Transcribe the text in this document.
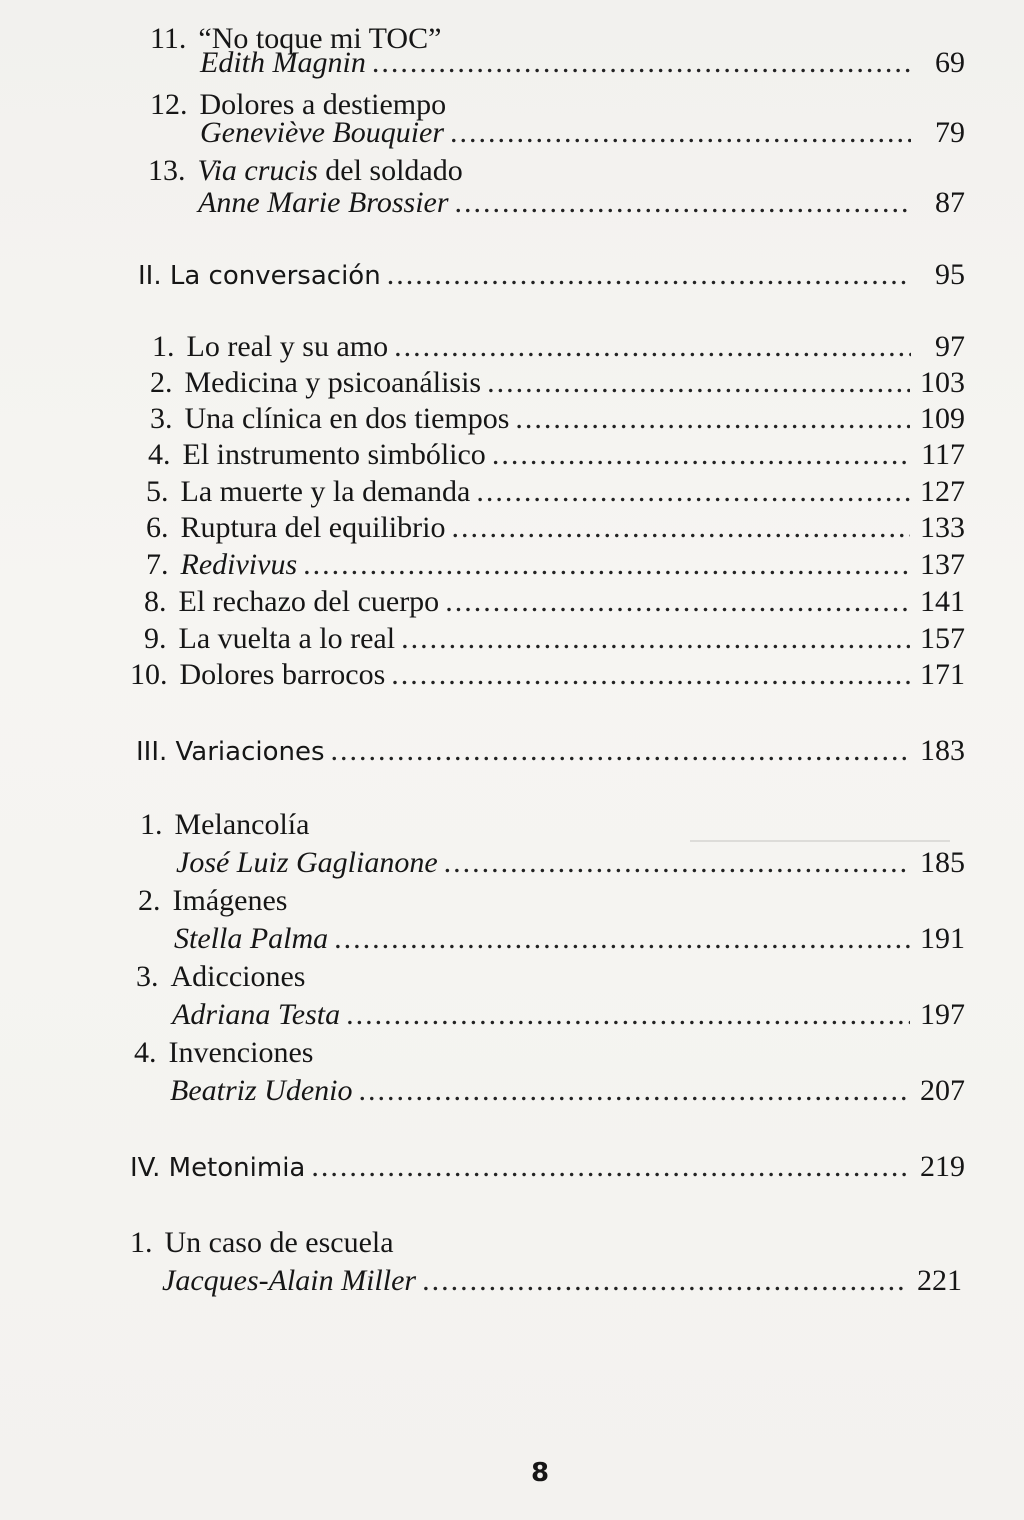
11. “No toque mi TOC”
Edith Magnin .....	69
12. Dolores a destiempo
Geneviève Bouquier .....	79
13. Via crucis del soldado
Anne Marie Brossier .....	87
II. La conversación .....	95
1. Lo real y su amo .....	97
2. Medicina y psicoanálisis .....	103
3. Una clínica en dos tiempos .....	109
4. El instrumento simbólico .....	117
5. La muerte y la demanda .....	127
6. Ruptura del equilibrio .....	133
7. Redivivus .....	137
8. El rechazo del cuerpo .....	141
9. La vuelta a lo real .....	157
10. Dolores barrocos .....	171
III. Variaciones .....	183
1. Melancolía
José Luiz Gaglianone .....	185
2. Imágenes
Stella Palma .....	191
3. Adicciones
Adriana Testa .....	197
4. Invenciones
Beatriz Udenio .....	207
IV. Metonimia .....	219
1. Un caso de escuela
Jacques-Alain Miller .....	221
8
